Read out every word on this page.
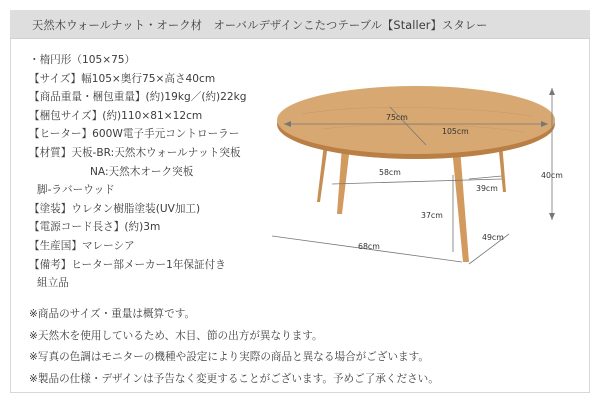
天然木ウォールナット・オーク材　オーバルデザインこたつテーブル【Staller】スタレー
・楕円形（105×75）
【サイズ】幅105×奥行75×高さ40cm
【商品重量・梱包重量】(約)19kg／(約)22kg
【梱包サイズ】(約)110×81×12cm
【ヒーター】600W電子手元コントローラー
【材質】天板-BR:天然木ウォールナット突板
NA:天然木オーク突板
脚-ラバーウッド
【塗装】ウレタン樹脂塗装(UV加工)
【電源コード長さ】(約)3m
【生産国】マレーシア
【備考】ヒーター部メーカー1年保証付き
組立品
75cm
105cm
40cm
58cm
39cm
37cm
68cm
49cm
※商品のサイズ・重量は概算です。
※天然木を使用しているため、木目、節の出方が異なります。
※写真の色調はモニターの機種や設定により実際の商品と異なる場合がございます。
※製品の仕様・デザインは予告なく変更することがございます。予めご了承ください。
